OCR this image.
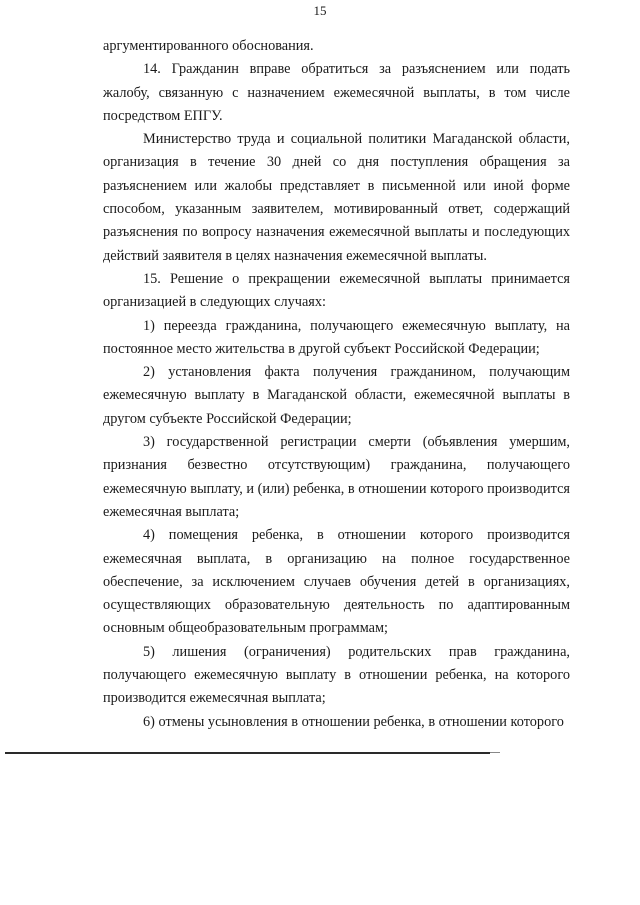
15

аргументированного обоснования.

14. Гражданин вправе обратиться за разъяснением или подать жалобу, связанную с назначением ежемесячной выплаты, в том числе посредством ЕПГУ.

Министерство труда и социальной политики Магаданской области, организация в течение 30 дней со дня поступления обращения за разъяснением или жалобы представляет в письменной или иной форме способом, указанным заявителем, мотивированный ответ, содержащий разъяснения по вопросу назначения ежемесячной выплаты и последующих действий заявителя в целях назначения ежемесячной выплаты.

15. Решение о прекращении ежемесячной выплаты принимается организацией в следующих случаях:

1) переезда гражданина, получающего ежемесячную выплату, на постоянное место жительства в другой субъект Российской Федерации;

2) установления факта получения гражданином, получающим ежемесячную выплату в Магаданской области, ежемесячной выплаты в другом субъекте Российской Федерации;

3) государственной регистрации смерти (объявления умершим, признания безвестно отсутствующим) гражданина, получающего ежемесячную выплату, и (или) ребенка, в отношении которого производится ежемесячная выплата;

4) помещения ребенка, в отношении которого производится ежемесячная выплата, в организацию на полное государственное обеспечение, за исключением случаев обучения детей в организациях, осуществляющих образовательную деятельность по адаптированным основным общеобразовательным программам;

5) лишения (ограничения) родительских прав гражданина, получающего ежемесячную выплату в отношении ребенка, на которого производится ежемесячная выплата;

6) отмены усыновления в отношении ребенка, в отношении которого
